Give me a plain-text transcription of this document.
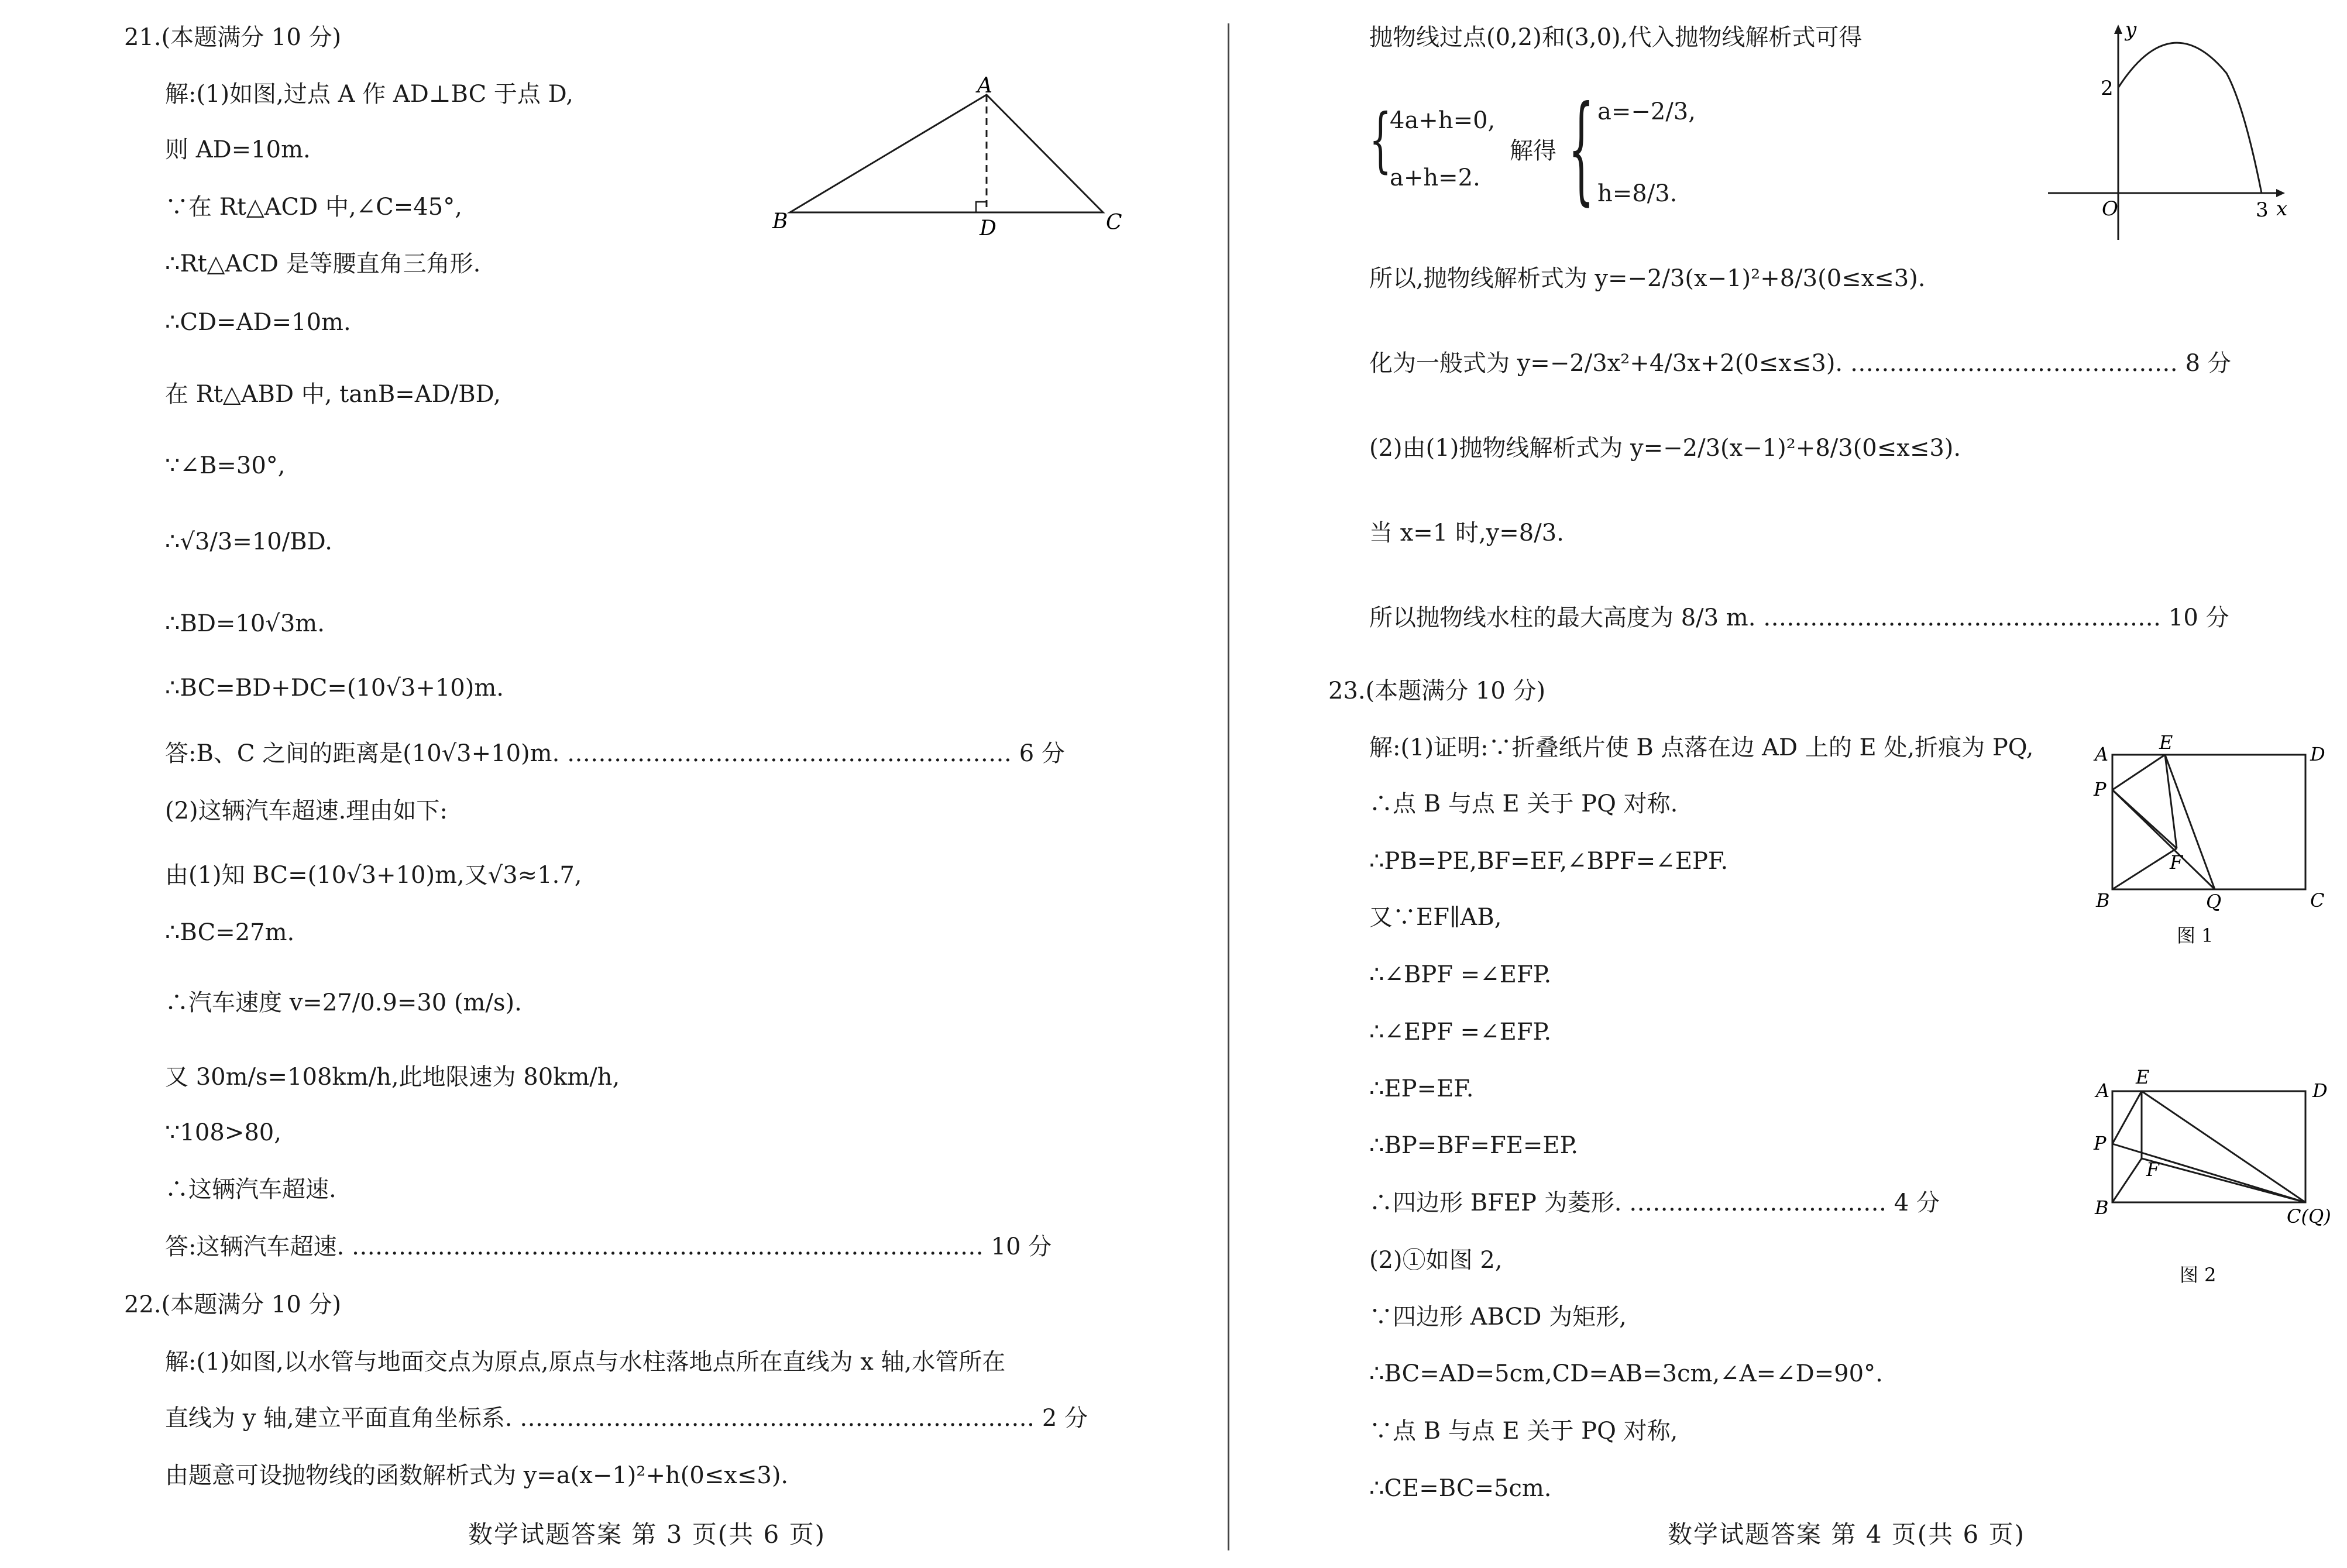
21.(本题满分 10 分)
解:(1)如图,过点 A 作 AD⊥BC 于点 D,
则 AD=10m.
∵在 Rt△ACD 中,∠C=45°,
∴Rt△ACD 是等腰直角三角形.
∴CD=AD=10m.
在 Rt△ABD 中, tanB=AD/BD,
∵∠B=30°,
∴√3/3=10/BD.
∴BD=10√3m.
∴BC=BD+DC=(10√3+10)m.
答:B、C 之间的距离是(10√3+10)m. ………………………………………………… 6 分
(2)这辆汽车超速.理由如下:
由(1)知 BC=(10√3+10)m,又√3≈1.7,
∴BC=27m.
∴汽车速度 v=27/0.9=30 (m/s).
又 30m/s=108km/h,此地限速为 80km/h,
∵108>80,
∴这辆汽车超速.
答:这辆汽车超速. ……………………………………………………………………… 10 分
22.(本题满分 10 分)
解:(1)如图,以水管与地面交点为原点,原点与水柱落地点所在直线为 x 轴,水管所在
直线为 y 轴,建立平面直角坐标系. ………………………………………………………… 2 分
由题意可设抛物线的函数解析式为 y=a(x−1)²+h(0≤x≤3).
A
B	D	C
数学试题答案 第 3 页(共 6 页)
抛物线过点(0,2)和(3,0),代入抛物线解析式可得
{
4a+h=0,
a+h=2.
解得 { a=−2/3,
h=8/3.
所以,抛物线解析式为 y=−2/3(x−1)²+8/3(0≤x≤3).
化为一般式为 y=−2/3x²+4/3x+2(0≤x≤3). …………………………………… 8 分
(2)由(1)抛物线解析式为 y=−2/3(x−1)²+8/3(0≤x≤3).
当 x=1 时,y=8/3.
所以抛物线水柱的最大高度为 8/3 m. …………………………………………… 10 分
23.(本题满分 10 分)
解:(1)证明:∵折叠纸片使 B 点落在边 AD 上的 E 处,折痕为 PQ,
∴点 B 与点 E 关于 PQ 对称.
∴PB=PE,BF=EF,∠BPF=∠EPF.
又∵EF∥AB,
∴∠BPF =∠EFP.
∴∠EPF =∠EFP.
∴EP=EF.
∴BP=BF=FE=EP.
∴四边形 BFEP 为菱形. …………………………… 4 分
(2)①如图 2,
∵四边形 ABCD 为矩形,
∴BC=AD=5cm,CD=AB=3cm,∠A=∠D=90°.
∵点 B 与点 E 关于 PQ 对称,
∴CE=BC=5cm.
y
2
O	3 x
A
E
D
P
F
B	Q	C
图 1
A
E
D
P
F
B	C(Q)
图 2
数学试题答案 第 4 页(共 6 页)
